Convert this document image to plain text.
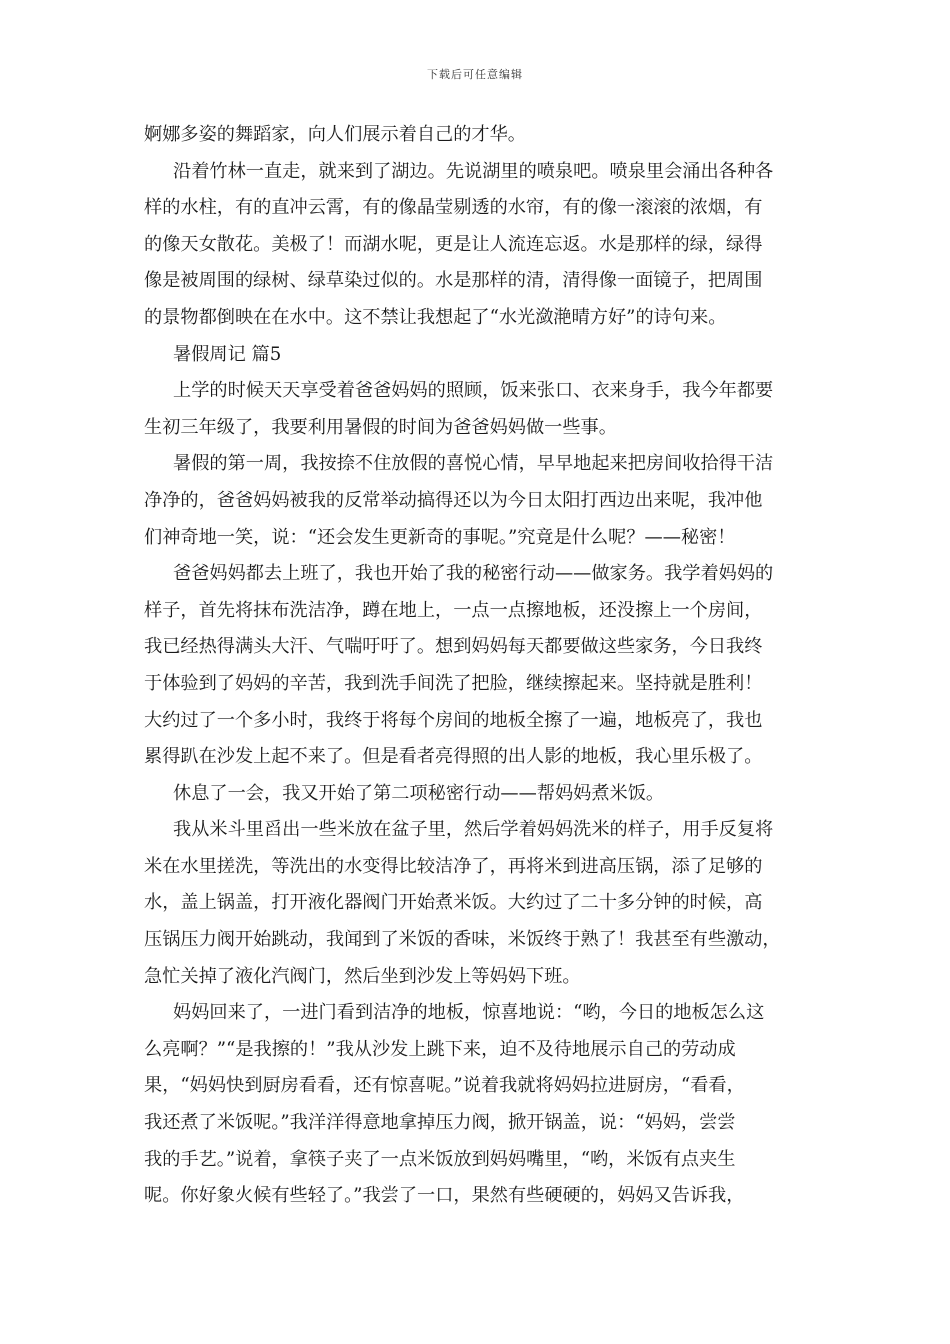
下载后可任意编辑
婀娜多姿的舞蹈家，向人们展示着自己的才华。
沿着竹林一直走，就来到了湖边。先说湖里的喷泉吧。喷泉里会涌出各种各
样的水柱，有的直冲云霄，有的像晶莹剔透的水帘，有的像一滚滚的浓烟，有
的像天女散花。美极了！而湖水呢，更是让人流连忘返。水是那样的绿，绿得
像是被周围的绿树、绿草染过似的。水是那样的清，清得像一面镜子，把周围
的景物都倒映在在水中。这不禁让我想起了“水光潋滟晴方好”的诗句来。
暑假周记 篇5
上学的时候天天享受着爸爸妈妈的照顾，饭来张口、衣来身手，我今年都要
生初三年级了，我要利用暑假的时间为爸爸妈妈做一些事。
暑假的第一周，我按捺不住放假的喜悦心情，早早地起来把房间收拾得干洁
净净的，爸爸妈妈被我的反常举动搞得还以为今日太阳打西边出来呢，我冲他
们神奇地一笑，说：“还会发生更新奇的事呢。”究竟是什么呢？——秘密！
爸爸妈妈都去上班了，我也开始了我的秘密行动——做家务。我学着妈妈的
样子，首先将抹布洗洁净，蹲在地上，一点一点擦地板，还没擦上一个房间，
我已经热得满头大汗、气喘吁吁了。想到妈妈每天都要做这些家务，今日我终
于体验到了妈妈的辛苦，我到洗手间洗了把脸，继续擦起来。坚持就是胜利！
大约过了一个多小时，我终于将每个房间的地板全擦了一遍，地板亮了，我也
累得趴在沙发上起不来了。但是看者亮得照的出人影的地板，我心里乐极了。
休息了一会，我又开始了第二项秘密行动——帮妈妈煮米饭。
我从米斗里舀出一些米放在盆子里，然后学着妈妈洗米的样子，用手反复将
米在水里搓洗，等洗出的水变得比较洁净了，再将米到进高压锅，添了足够的
水，盖上锅盖，打开液化器阀门开始煮米饭。大约过了二十多分钟的时候，高
压锅压力阀开始跳动，我闻到了米饭的香味，米饭终于熟了！我甚至有些激动，
急忙关掉了液化汽阀门，然后坐到沙发上等妈妈下班。
妈妈回来了，一进门看到洁净的地板，惊喜地说：“哟，今日的地板怎么这
么亮啊？”“是我擦的！”我从沙发上跳下来，迫不及待地展示自己的劳动成
果，“妈妈快到厨房看看，还有惊喜呢。”说着我就将妈妈拉进厨房，“看看，
我还煮了米饭呢。”我洋洋得意地拿掉压力阀，掀开锅盖，说：“妈妈，尝尝
我的手艺。”说着，拿筷子夹了一点米饭放到妈妈嘴里，“哟，米饭有点夹生
呢。你好象火候有些轻了。”我尝了一口，果然有些硬硬的，妈妈又告诉我，
